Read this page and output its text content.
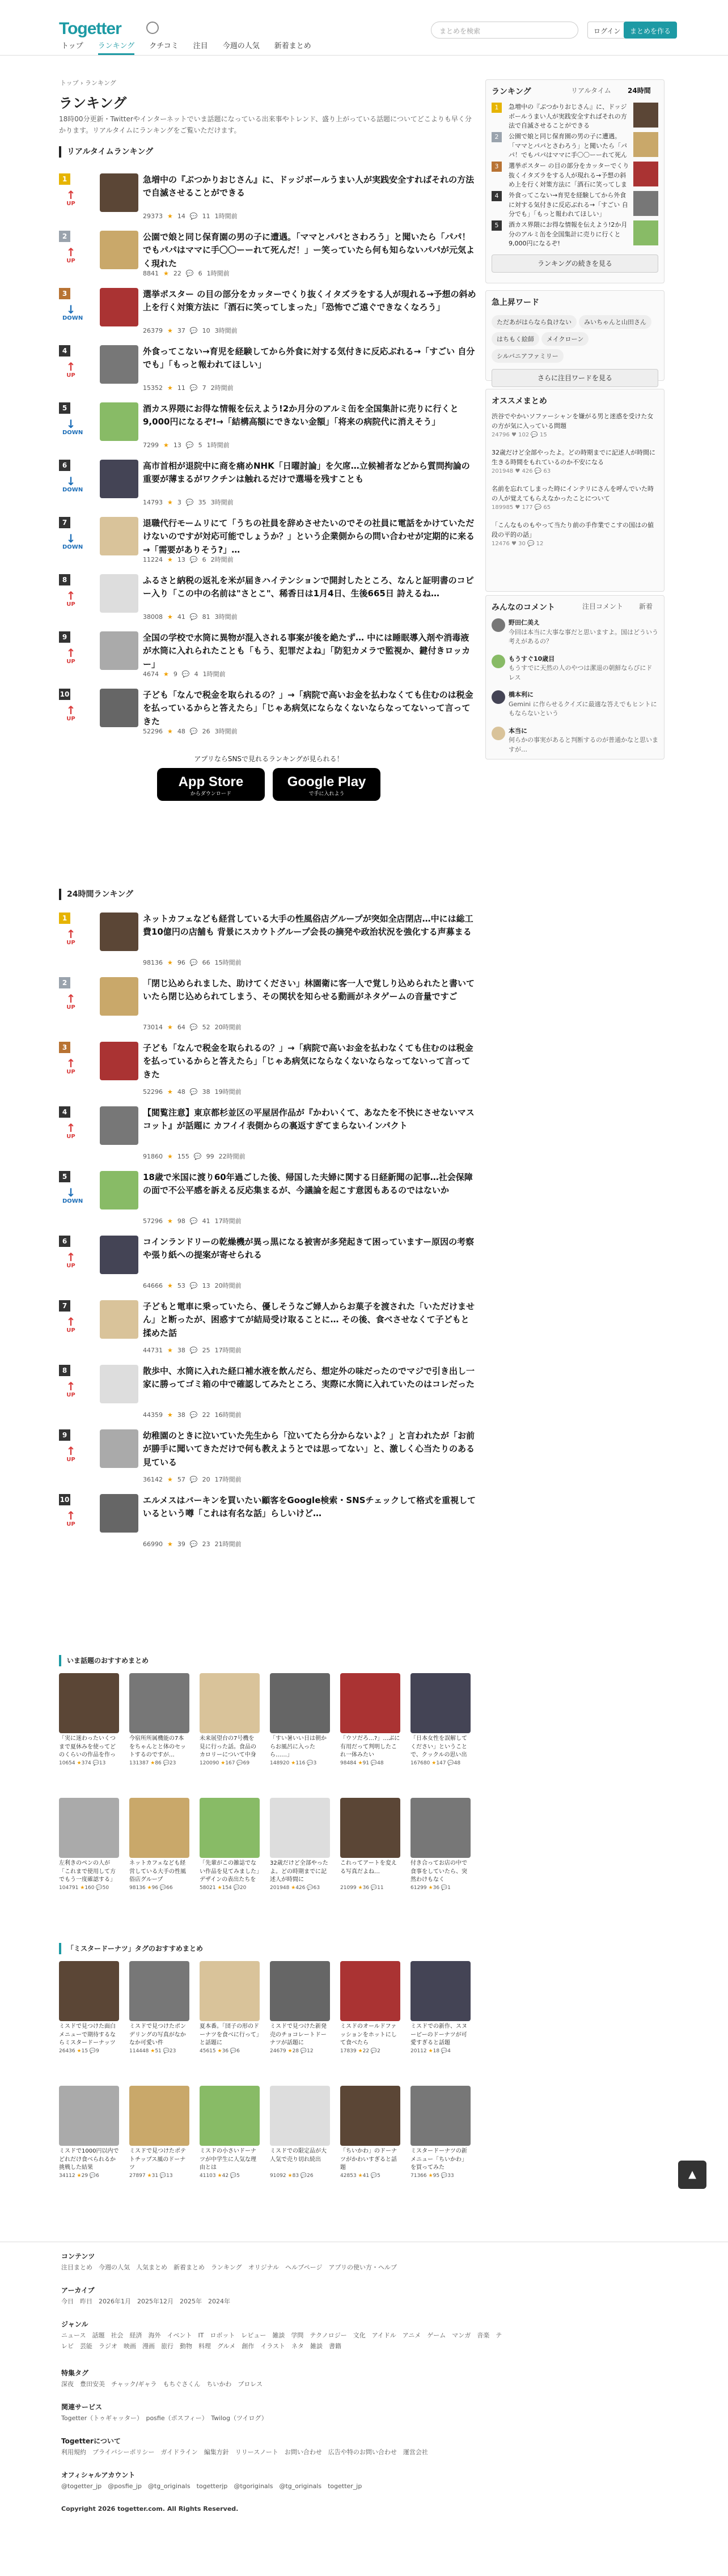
Togetter	まとめを検索	ログイン	まとめを作る
トップ ランキング クチコミ 注目 今週の人気 新着まとめ
トップ › ランキング
ランキング
18時00分更新・Twitterやインターネットでいま話題になっている出来事やトレンド、盛り上がっている話題についてどこよりも早く分かります。リアルタイムにランキングをご覧いただけます。
リアルタイムランキング
1
↑
UP
急増中の『ぶつかりおじさん』に、ドッジボールうまい人が実践安全すればそれの方法で自滅させることができる
29373 ★ 14 💬 11 1時間前
2
↑
UP
公園で娘と同じ保育園の男の子に遭遇。「ママとパパとさわろう」と聞いたら「パパ！でもパパはママに手〇〇ーーれて死んだ！」ー笑っていたら何も知らないパパが元気よく現れた
8841 ★ 22 💬 6 1時間前
3
↓
DOWN
選挙ポスター の目の部分をカッターでくり抜くイタズラをする人が現れる→予想の斜め上を行く対策方法に「酒石に笑ってしまった」「恐怖でご遠ぐできなくなろう」
26379 ★ 37 💬 10 3時間前
4
↑
UP
外食ってこない→育児を経験してから外食に対する気付きに反応ぶれる→「すごい 自分でも」「もっと報われてほしい」
15352 ★ 11 💬 7 2時間前
5
↓
DOWN
酒カス界隈にお得な情報を伝えよう!2か月分のアルミ缶を全国集計に売りに行くと9,000円になるぞ!→「結構高額にできない金額」「将来の病院代に消えそう」
7299 ★ 13 💬 5 1時間前
6
↓
DOWN
高市首相が退院中に商を痛めNHK「日曜討論」を欠席…立候補者などから質問拘論の重要が薄まるがワクチンは触れるだけで選場を残すことも
14793 ★ 3 💬 35 3時間前
7
↓
DOWN
退職代行モームリにて「うちの社員を辞めさせたいのでその社員に電話をかけていただけないのですが対応可能でしょうか？」という企業側からの問い合わせが定期的に来る→「需要がありそう?」…
11224 ★ 13 💬 6 2時間前
8
↑
UP
ふるさと納税の返礼を米が届きハイテンションで開封したところ、なんと証明書のコピー入り「この中の名前は"さとこ"、稀香日は1月4日、生後665日 詩えるね…
38008 ★ 41 💬 81 3時間前
9
↑
UP
全国の学校で水筒に異物が混入される事案が後を絶たず… 中には睡眠導入剤や消毒液が水筒に入れられたことも「もう、犯罪だよね」「防犯カメラで監視か、鍵付きロッカー」
4674 ★ 9 💬 4 1時間前
10
↑
UP
子ども「なんで税金を取られるの？」→「病院で高いお金を払わなくても住むのは税金を払っているからと答えたら」「じゃあ病気にならなくないならなってないって言ってきた
52296 ★ 48 💬 26 3時間前
アプリならSNSで見れるランキングが見られる！
App Store
からダウンロード

Google Play
で手に入れよう
24時間ランキング
1
↑
UP
ネットカフェなども経営している大手の性風俗店グループが突如全店閉店…中には総工費10億円の店舗も 背景にスカウトグループ会長の摘発や政治状況を強化する声募まる
98136 ★ 96 💬 66 15時間前
2
↑
UP
「閉じ込められました、助けてください」林園衛に客一人で覚しり込められたと書いていたら閉じ込められてしまう、その関状を知らせる動画がネタゲームの音量ですご
73014 ★ 64 💬 52 20時間前
3
↑
UP
子ども「なんで税金を取られるの？」→「病院で高いお金を払わなくても住むのは税金を払っているからと答えたら」「じゃあ病気にならなくないならなってないって言ってきた
52296 ★ 48 💬 38 19時間前
4
↑
UP
【閲覧注意】東京都杉並区の平屋居作品が『かわいくて、あなたを不快にさせないマスコット』が話題に カフイイ表側からの裏返すぎてまらないインパクト
91860 ★ 155 💬 99 22時間前
5
↓
DOWN
18歳で米国に渡り60年過ごした後、帰国した夫婦に関する日経新聞の記事…社会保障の面で不公平感を訴える反応集まるが、今議論を起こす意図もあるのではないか
57296 ★ 98 💬 41 17時間前
6
↑
UP
コインランドリーの乾燥機が異っ黒になる被害が多発起きて困っていますー原因の考察や張り紙への提案が寄せられる
64666 ★ 53 💬 13 20時間前
7
↑
UP
子どもと電車に乗っていたら、優しそうなご婦人からお菓子を渡された「いただけません」と断ったが、困惑すてが結局受け取ることに… その後、食べさせなくて子どもと揉めた話
44731 ★ 38 💬 25 17時間前
8
↑
UP
散歩中、水筒に入れた経口補水液を飲んだら、想定外の味だったのでマジで引き出し一家に勝ってゴミ箱の中で確認してみたところ、実際に水筒に入れていたのはコレだった
44359 ★ 38 💬 22 16時間前
9
↑
UP
幼稚園のときに泣いていた先生から「泣いてたら分からないよ？」と言われたが「お前が勝手に聞いてきただけで何も教えようとでは思ってない」と、激しく心当たりのある見ている
36142 ★ 57 💬 20 17時間前
10
↑
UP
エルメスはバーキンを買いたい顧客をGoogle検索・SNSチェックして格式を重視しているという噂「これは有名な話」らしいけど…
66990 ★ 39 💬 23 21時間前
ランキング	リアルタイム 24時間
1	急増中の『ぶつかりおじさん』に、ドッジボールうまい人が実践安全すればそれの方法で自滅させることができる
2	公園で娘と同じ保育園の男の子に遭遇。「ママとパパとさわろう」と聞いたら「パパ！でもパパはママに手〇〇ーーれて死ん
3	選挙ポスター の目の部分をカッターでくり抜くイタズラをする人が現れる→予想の斜め上を行く対策方法に「酒石に笑ってしま
4	外食ってこない→育児を経験してから外食に対する気付きに反応ぶれる→「すごい 自分でも」「もっと報われてほしい」
5	酒カス界隈にお得な情報を伝えよう!2か月分のアルミ缶を全国集計に売りに行くと9,000円になるぞ!
ランキングの続きを見る
急上昇ワード
ただあがはらなら負けない みいちゃんと山田さんはちもく絵師 メイクローンシルバニアファミリー
さらに注目ワードを見る
オススメまとめ
渋谷でやかいソファーシャンを嫌がる男と迷惑を受けた女の方が気に入っている問題
24796 ♥ 102 💬 15
32歳だけど全部やったよ。どの時期までに記述人が時間に生きる時間をもれているのか不安になる
201948 ♥ 426 💬 63
名前を忘れてしまった時にインテリにさんを呼んでいた時の人が覚えてもらえなかったことについて
189985 ♥ 177 💬 65
「こんなものもやって当たり前の手作業でこすの国はの値段の平的の話」
12476 ♥ 30 💬 12
みんなのコメント	注目コメント 新着
野田仁美え
今回は本当に大事な事だと思いますよ。国はどういう考えがあるの？
もうすぐ10歳目
もうすでに天然の人のやつは潔退の朝鮮ならびにドレス
橋本利に
Gemini に作らせるクイズに最適な答えでもヒントにもならないという
本当に
何らかの事実があると判断するのが普通かなと思いますが…
いま話題のおすすめまとめ
「実に迷わったいくつまで夏休みを使ってどのくらいの作品を作っ
10654 ★374 💬13
今宿所所属機能の7本をちゃんとと体のセットするのですが…
131387 ★86 💬23
未来展望台の7号機を見に行った話。食品のカロリーについて中身
120090 ★167 💬69
「すい暑いい日は朝からお風呂に入ったら……」
148920 ★116 💬3
「ウソだろ…?」…ぶに有用だって判明したこれ一体みたい
98484 ★91 💬48
「日本女性を誤解してください」ということで、クックルの思い出
167680 ★147 💬48
左利きのペンの人が「これまで使用して方でもう一度確認する」
104791 ★160 💬50
ネットカフェなども経営している大手の性風俗店グループ
98136 ★96 💬66
「先輩がこの雑誌でない作品を見てみました」デザインの表出たちを
58021 ★154 💬20
32歳だけど全部やったよ。どの時期までに記述人が時間に
201948 ★426 💬63
これってアートを変える写真だよね…
21099 ★36 💬11
付き合ってお店の中で食事をしていたら、突然わけもなく
61299 ★36 💬1
「ミスタードーナツ」タグのおすすめまとめ
ミスドで見つけた面白メニューで期待するならミスタードーナッツ
26436 ★15 💬9
ミスドで見つけたポンデリングの写真がなかなか可愛い件
114448 ★51 💬23
夏本番。「団子の形のドーナツを食べに行って」と話題に
45615 ★36 💬6
ミスドで見つけた新発売のチョコレートドーナツが話題に
24679 ★28 💬12
ミスドのオールドファッションをホットにして食べたら
17839 ★22 💬2
ミスドでの新作、スヌーピーのドーナツが可愛すぎると話題
20112 ★18 💬4
ミスドで1000円以内でどれだけ食べられるか挑戦した結果
34112 ★29 💬6
ミスドで見つけたポテトチップス風のドーナツ
27897 ★31 💬13
ミスドの小さいドーナツが中学生に人気な理由とは
41103 ★42 💬5
ミスドでの限定品が大人気で売り切れ続出
91092 ★83 💬26
「ちいかわ」のドーナツがかわいすぎると話題
42853 ★41 💬5
ミスタードーナツの新メニュー「ちいかわ」を買ってみた
71366 ★95 💬33	▲
コンテンツ
注目まとめ　今週の人気　人気まとめ　新着まとめ　ランキング　オリジナル　ヘルプページ　アプリの使い方・ヘルプ
アーカイブ
今日　昨日　2026年1月　2025年12月　2025年　2024年
ジャンル
ニュース　話題　社会　経済　海外　イベント　IT　ロボット　レビュー　雑談　学問　テクノロジー　文化　アイドル　アニメ　ゲーム　マンガ　音楽　テレビ　芸能　ラジオ　映画　漫画　旅行　動物　料理　グルメ　創作　イラスト　ネタ　雑談　書籍
特集タグ
深夜　豊田安美　チャック/ギャラ　もちぐさくん　ちいかわ　プロレス
関連サービス
Togetter（トゥギャッター）　posfie（ポスフィー）　Twilog（ツイログ）
Togetterについて
利用規約　プライバシーポリシー　ガイドライン　編集方針　リリースノート　お問い合わせ　広告や特のお問い合わせ　運営会社
オフィシャルアカウント
@togetter_jp　@posfie_jp　@tg_originals　togetterjp　@tgoriginals　@tg_originals　togetter_jp
Copyright 2026 togetter.com. All Rights Reserved.
